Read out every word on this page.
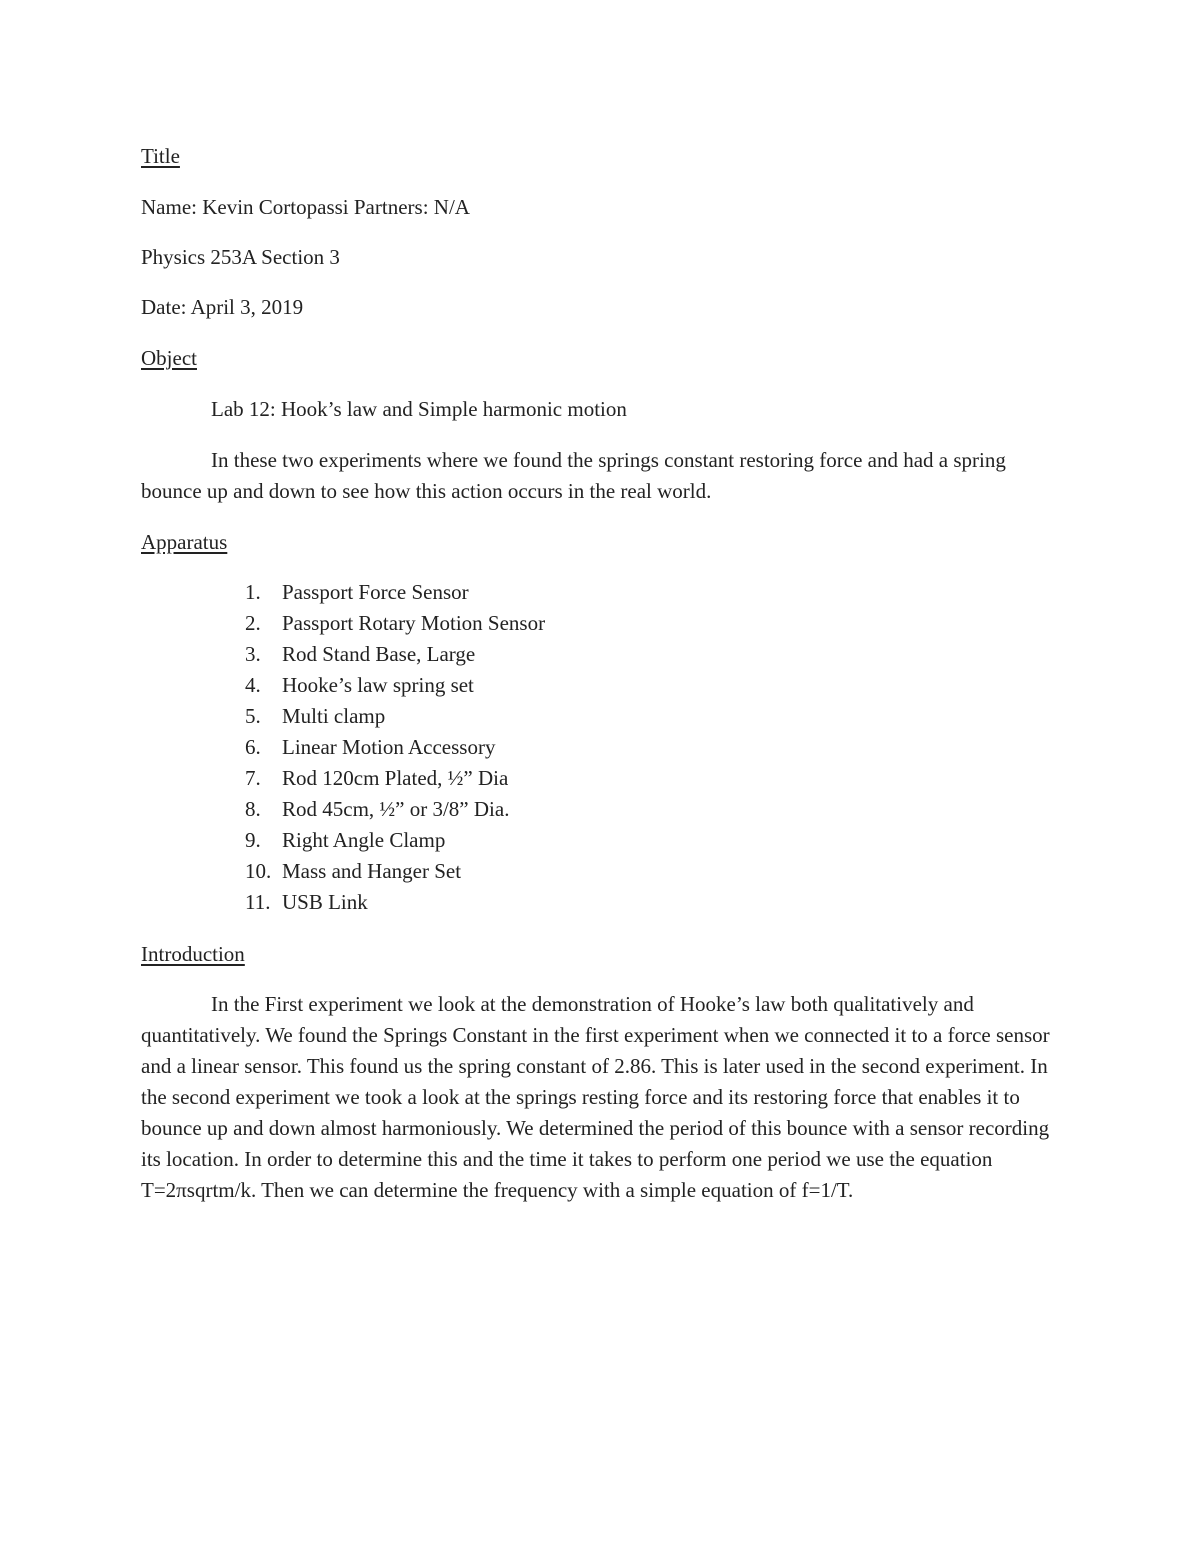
Title
Name: Kevin Cortopassi Partners: N/A
Physics 253A Section 3
Date: April 3, 2019
Object
Lab 12: Hook’s law and Simple harmonic motion

In these two experiments where we found the springs constant restoring force and had a spring bounce up and down to see how this action occurs in the real world.

Apparatus
1.	Passport Force Sensor
2.	Passport Rotary Motion Sensor
3.	Rod Stand Base, Large
4.	Hooke’s law spring set
5.	Multi clamp
6.	Linear Motion Accessory
7.	Rod 120cm Plated, ½” Dia
8.	Rod 45cm, ½” or 3/8” Dia.
9.	Right Angle Clamp
10. Mass and Hanger Set
11. USB Link
Introduction

In the First experiment we look at the demonstration of Hooke’s law both qualitatively and quantitatively. We found the Springs Constant in the first experiment when we connected it to a force sensor and a linear sensor. This found us the spring constant of 2.86. This is later used in the second experiment. In the second experiment we took a look at the springs resting force and its restoring force that enables it to bounce up and down almost harmoniously. We determined the period of this bounce with a sensor recording its location. In order to determine this and the time it takes to perform one period we use the equation T=2πsqrtm/k. Then we can determine the frequency with a simple equation of f=1/T.
